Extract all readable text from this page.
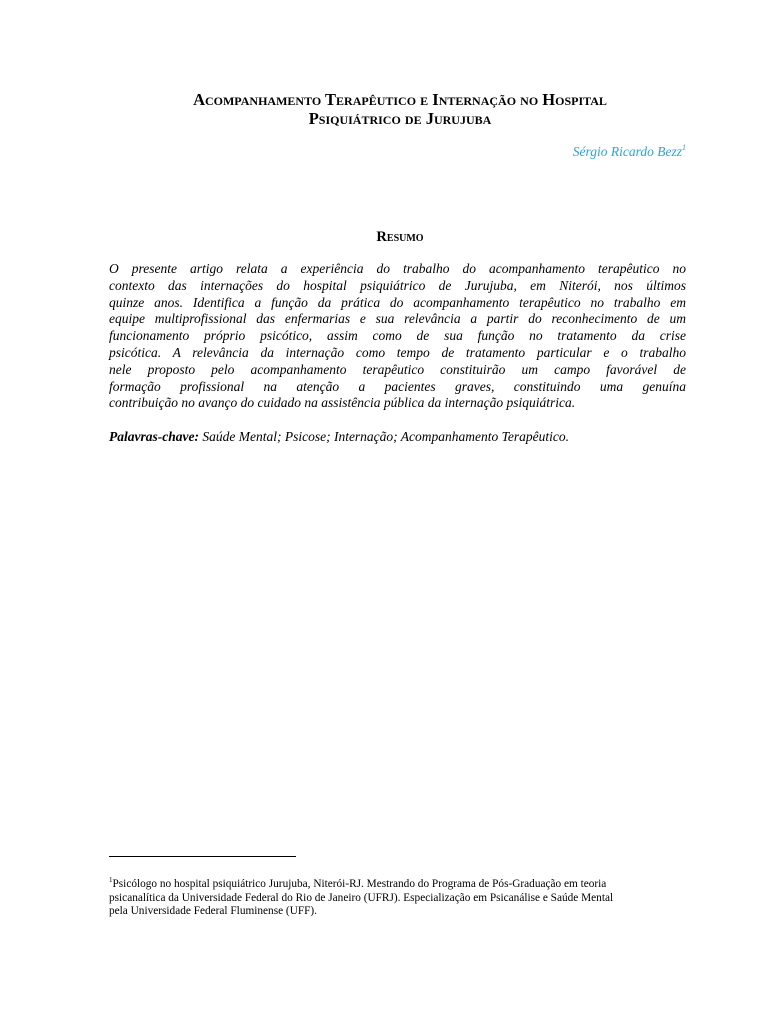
Acompanhamento Terapêutico e Internação no Hospital
Psiquiátrico de Jurujuba
Sérgio Ricardo Bezz$^1$
Resumo
O presente artigo relata a experiência do trabalho do acompanhamento terapêutico no
contexto das internações do hospital psiquiátrico de Jurujuba, em Niterói, nos últimos
quinze anos. Identifica a função da prática do acompanhamento terapêutico no trabalho em
equipe multiprofissional das enfermarias e sua relevância a partir do reconhecimento de um
funcionamento próprio psicótico, assim como de sua função no tratamento da crise
psicótica. A relevância da internação como tempo de tratamento particular e o trabalho
nele proposto pelo acompanhamento terapêutico constituirão um campo favorável de
formação profissional na atenção a pacientes graves, constituindo uma genuína
contribuição no avanço do cuidado na assistência pública da internação psiquiátrica.
Palavras-chave: Saúde Mental; Psicose; Internação; Acompanhamento Terapêutico.
$^1$Psicólogo no hospital psiquiátrico Jurujuba, Niterói-RJ. Mestrando do Programa de Pós-Graduação em teoria
psicanalítica da Universidade Federal do Rio de Janeiro (UFRJ). Especialização em Psicanálise e Saúde Mental
pela Universidade Federal Fluminense (UFF).
